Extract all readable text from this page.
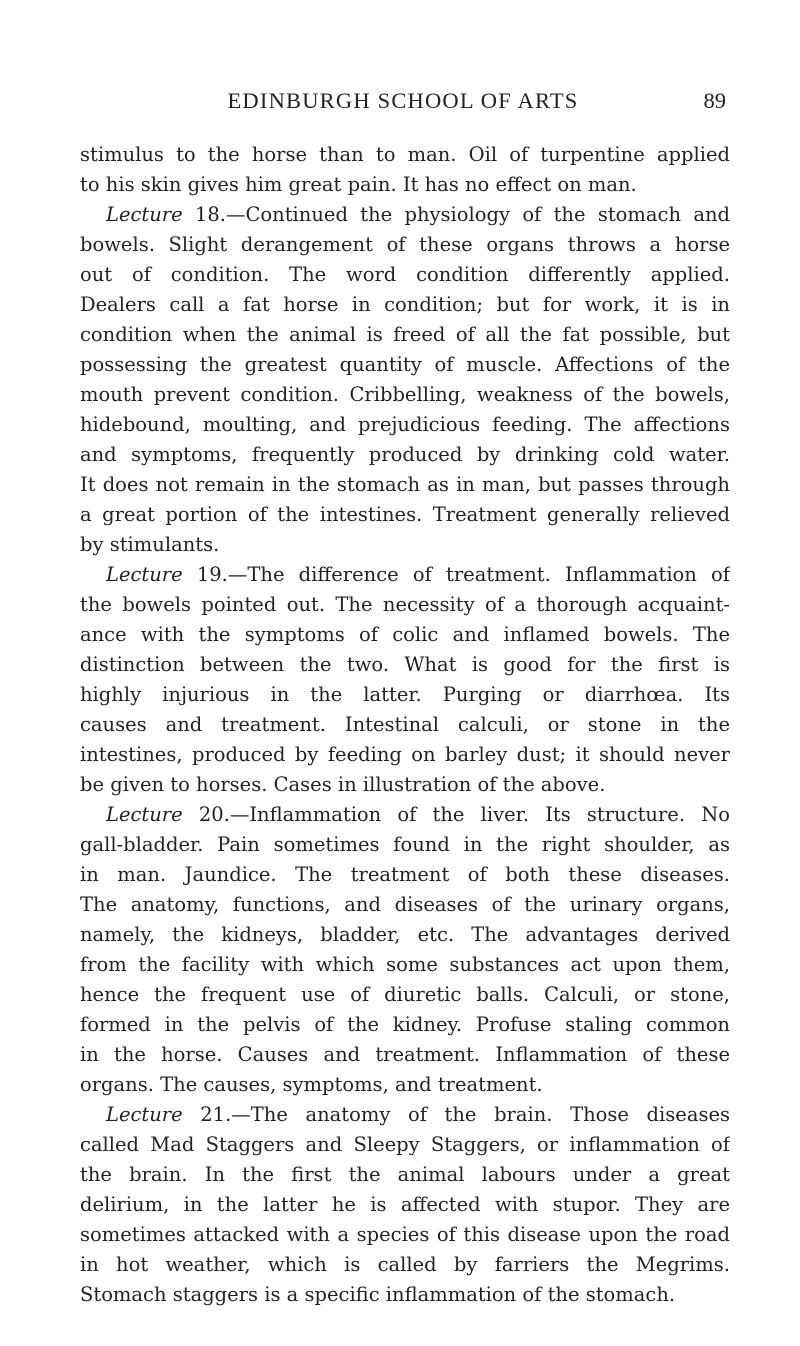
EDINBURGH SCHOOL OF ARTS	89
stimulus to the horse than to man. Oil of turpentine applied
to his skin gives him great pain. It has no effect on man.
Lecture 18.—Continued the physiology of the stomach and
bowels. Slight derangement of these organs throws a horse
out of condition. The word condition differently applied.
Dealers call a fat horse in condition; but for work, it is in
condition when the animal is freed of all the fat possible, but
possessing the greatest quantity of muscle. Affections of the
mouth prevent condition. Cribbelling, weakness of the bowels,
hidebound, moulting, and prejudicious feeding. The affections
and symptoms, frequently produced by drinking cold water.
It does not remain in the stomach as in man, but passes through
a great portion of the intestines. Treatment generally relieved
by stimulants.
Lecture 19.—The difference of treatment. Inflammation of
the bowels pointed out. The necessity of a thorough acquaint-
ance with the symptoms of colic and inflamed bowels. The
distinction between the two. What is good for the first is
highly injurious in the latter. Purging or diarrhœa. Its
causes and treatment. Intestinal calculi, or stone in the
intestines, produced by feeding on barley dust; it should never
be given to horses. Cases in illustration of the above.
Lecture 20.—Inflammation of the liver. Its structure. No
gall-bladder. Pain sometimes found in the right shoulder, as
in man. Jaundice. The treatment of both these diseases.
The anatomy, functions, and diseases of the urinary organs,
namely, the kidneys, bladder, etc. The advantages derived
from the facility with which some substances act upon them,
hence the frequent use of diuretic balls. Calculi, or stone,
formed in the pelvis of the kidney. Profuse staling common
in the horse. Causes and treatment. Inflammation of these
organs. The causes, symptoms, and treatment.
Lecture 21.—The anatomy of the brain. Those diseases
called Mad Staggers and Sleepy Staggers, or inflammation of
the brain. In the first the animal labours under a great
delirium, in the latter he is affected with stupor. They are
sometimes attacked with a species of this disease upon the road
in hot weather, which is called by farriers the Megrims.
Stomach staggers is a specific inflammation of the stomach.
